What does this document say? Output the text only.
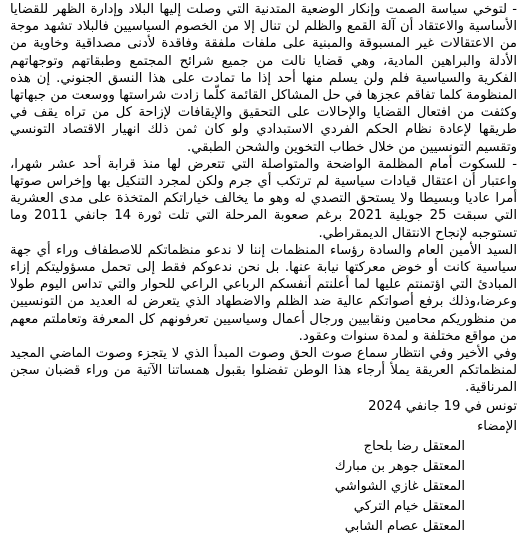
- لتوخي سياسة الصمت وإنكار الوضعية المتدنية التي وصلت إليها البلاد وإدارة الظهر للقضايا الأساسية والاعتقاد أن آلة القمع والظلم لن تنال إلا من الخصوم السياسيين فالبلاد تشهد موجة من الاعتقالات غير المسبوقة والمبنية على ملفات ملفقة وفاقدة لأدنى مصداقية وخاوية من الأدلة والبراهين المادية، وهي قضايا نالت من جميع شرائح المجتمع وطبقاتهم وتوجهاتهم الفكرية والسياسية فلم ولن يسلم منها أحد إذا ما تمادت على هذا النسق الجنوني. إن هذه المنظومة كلما تفاقم عجزها في حل المشاكل القائمة كلّما زادت شراستها ووسعت من جبهاتها وكثفت من افتعال القضايا والإحالات على التحقيق والإيقافات لإزاحة كل من تراه يقف في طريقها لإعادة نظام الحكم الفردي الاستبدادي ولو كان ثمن ذلك انهيار الاقتصاد التونسي وتقسيم التونسيين من خلال خطاب التخوين والشحن الطبقي.

- للسكوت أمام المظلمة الواضحة والمتواصلة التي تتعرض لها منذ قرابة أحد عشر شهرا، واعتبار أن اعتقال قيادات سياسية لم ترتكب أي جرم ولكن لمجرد التنكيل بها وإخراس صوتها أمرا عاديا وبسيطا ولا يستحق التصدي له وهو ما يخالف خياراتكم المتخذة على مدى العشرية التي سبقت 25 جويلية 2021 برغم صعوبة المرحلة التي تلت ثورة 14 جانفي 2011 وما تستوجبه لإنجاح الانتقال الديمقراطي.

السيد الأمين العام والسادة رؤساء المنظمات إننا لا ندعو منظماتكم للاصطفاف وراء أي جهة سياسية كانت أو خوض معركتها نيابة عنها. بل نحن ندعوكم فقط إلى تحمل مسؤوليتكم إزاء المبادئ التي اؤتمنتم عليها لما أعلنتم أنفسكم الرباعي الراعي للحوار والتي تداس اليوم طولا وعرضا،وذلك برفع أصواتكم عالية ضد الظلم والاضطهاد الذي يتعرض له العديد من التونسيين من منظوريكم محامين ونقابيين ورجال أعمال وسياسيين تعرفونهم كل المعرفة وتعاملتم معهم من مواقع مختلفة و لمدة سنوات وعقود.

وفي الأخير وفي انتظار سماع صوت الحق وصوت المبدأ الذي لا يتجزء وصوت الماضي المجيد لمنظماتكم العريقة يملأ أرجاء هذا الوطن تفضلوا بقبول همساتنا الآتية من وراء قضبان سجن المرناقية.

تونس في 19 جانفي 2024
الإمضاء
المعتقل رضا بلحاج
المعتقل جوهر بن مبارك
المعتقل غازي الشواشي
المعتقل خيام التركي
المعتقل عصام الشابي
